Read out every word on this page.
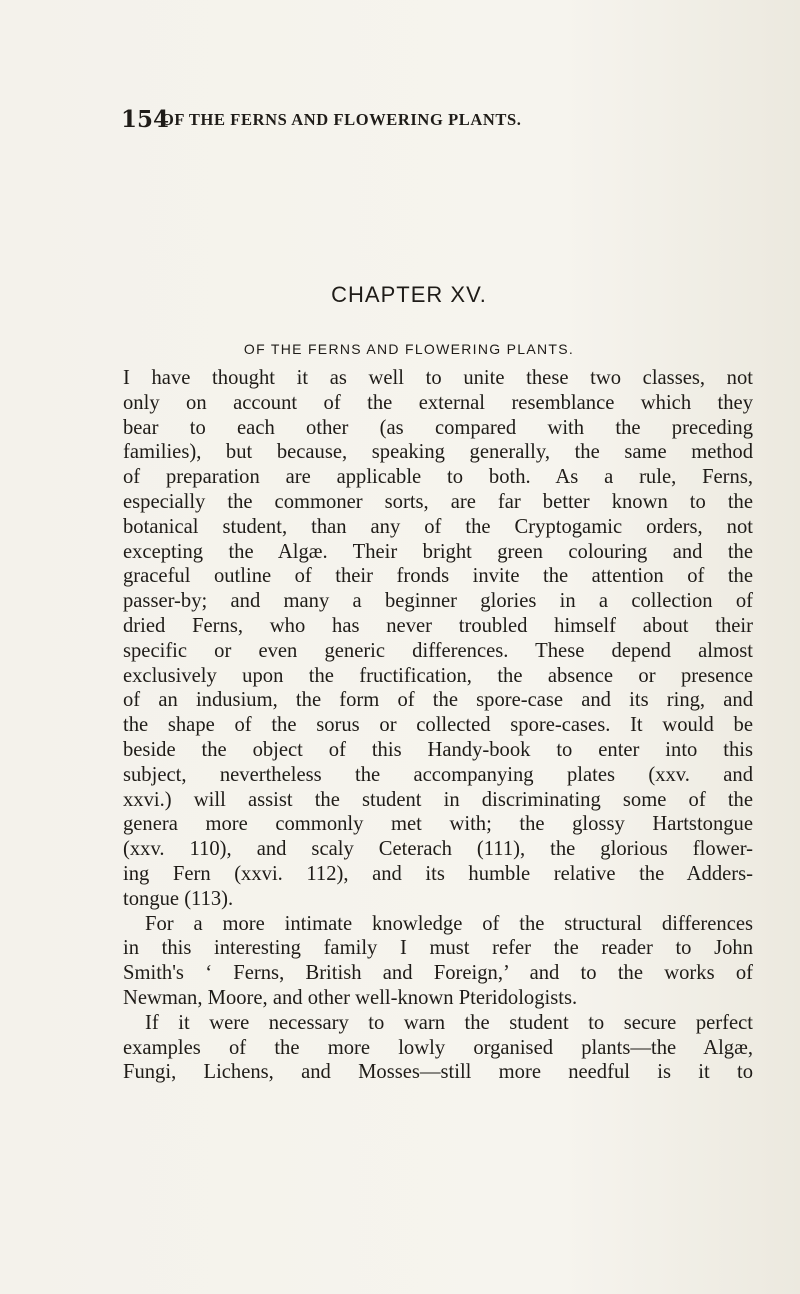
154
OF THE FERNS AND FLOWERING PLANTS.
CHAPTER XV.
OF THE FERNS AND FLOWERING PLANTS.
I have thought it as well to unite these two classes, not
only on account of the external resemblance which they
bear to each other (as compared with the preceding
families), but because, speaking generally, the same method
of preparation are applicable to both. As a rule, Ferns,
especially the commoner sorts, are far better known to the
botanical student, than any of the Cryptogamic orders, not
excepting the Algæ. Their bright green colouring and the
graceful outline of their fronds invite the attention of the
passer-by; and many a beginner glories in a collection of
dried Ferns, who has never troubled himself about their
specific or even generic differences. These depend almost
exclusively upon the fructification, the absence or presence
of an indusium, the form of the spore-case and its ring, and
the shape of the sorus or collected spore-cases. It would be
beside the object of this Handy-book to enter into this
subject, nevertheless the accompanying plates (xxv. and
xxvi.) will assist the student in discriminating some of the
genera more commonly met with; the glossy Hartstongue
(xxv. 110), and scaly Ceterach (111), the glorious flower-
ing Fern (xxvi. 112), and its humble relative the Adders-
tongue (113).
For a more intimate knowledge of the structural differences
in this interesting family I must refer the reader to John
Smith's ‘ Ferns, British and Foreign,’ and to the works of
Newman, Moore, and other well-known Pteridologists.
If it were necessary to warn the student to secure perfect
examples of the more lowly organised plants—the Algæ,
Fungi, Lichens, and Mosses—still more needful is it to
